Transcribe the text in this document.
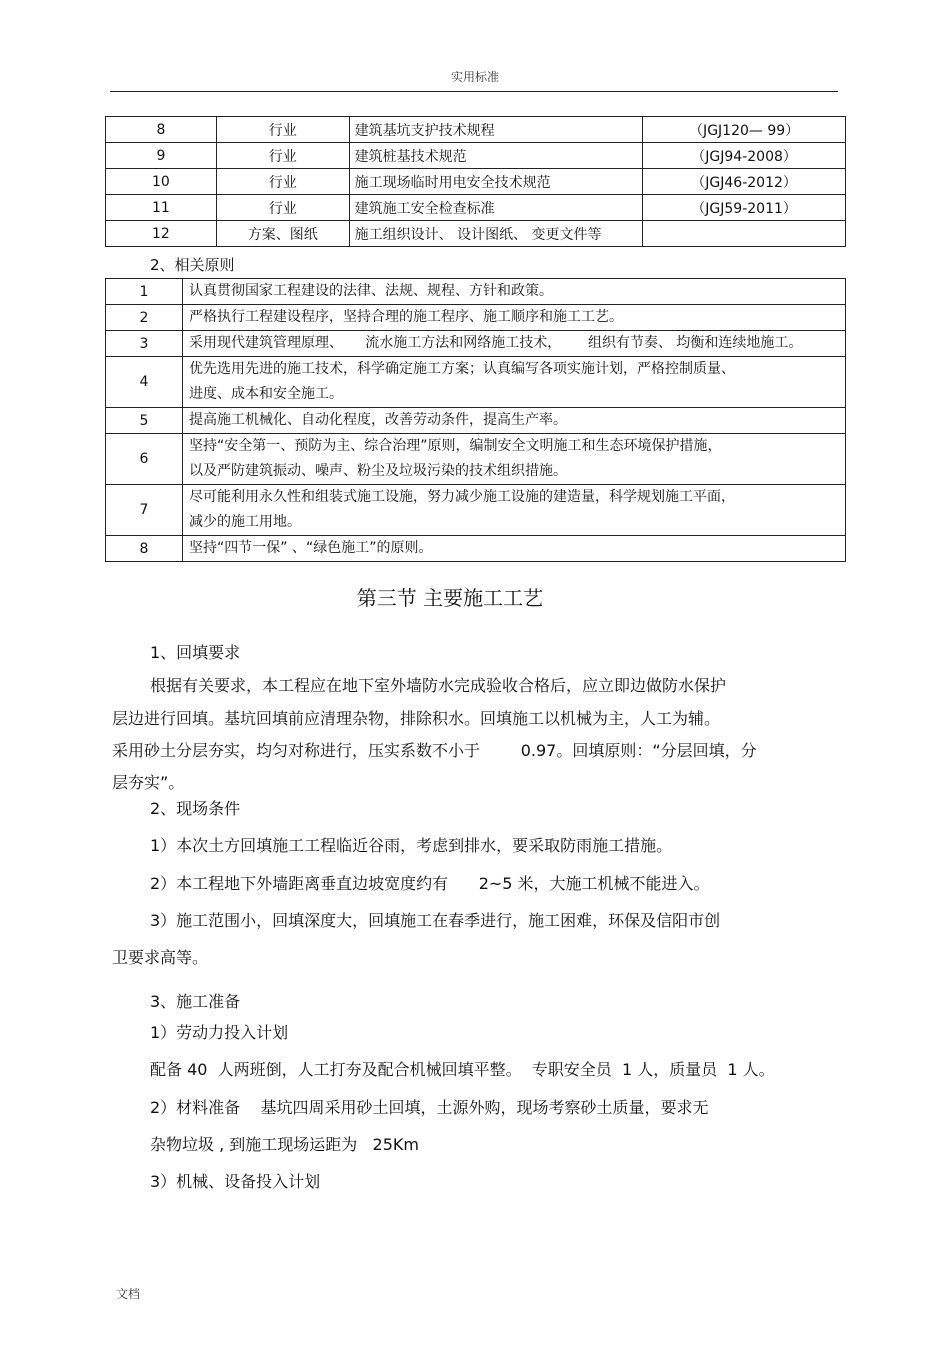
实用标准
8	行业	建筑基坑支护技术规程	（JGJ120— 99）
9	行业	建筑桩基技术规范	（JGJ94-2008）
10	行业	施工现场临时用电安全技术规范	（JGJ46-2012）
11	行业	建筑施工安全检查标准	（JGJ59-2011）
12	方案、图纸	施工组织设计、 设计图纸、 变更文件等	
2、相关原则
1	认真贯彻国家工程建设的法律、法规、规程、方针和政策。

2	严格执行工程建设程序，坚持合理的施工程序、施工顺序和施工工艺。

3	采用现代建筑管理原理、     流水施工方法和网络施工技术，      组织有节奏、 均衡和连续地施工。

4	优先选用先进的施工技术，科学确定施工方案；认真编写各项实施计划，严格控制质量、
进度、成本和安全施工。

5	提高施工机械化、自动化程度，改善劳动条件，提高生产率。

6	坚持“安全第一、预防为主、综合治理”原则，编制安全文明施工和生态环境保护措施，
以及严防建筑振动、噪声、粉尘及垃圾污染的技术组织措施。

7	尽可能利用永久性和组装式施工设施，努力减少施工设施的建造量，科学规划施工平面，
减少的施工用地。

8	坚持“四节一保” 、“绿色施工”的原则。
第三节 主要施工工艺
1、回填要求
根据有关要求，本工程应在地下室外墙防水完成验收合格后，应立即边做防水保护
层边进行回填。基坑回填前应清理杂物，排除积水。回填施工以机械为主，人工为辅。
采用砂土分层夯实，均匀对称进行，压实系数不小于        0.97。回填原则：“分层回填，分
层夯实”。
2、现场条件
1）本次土方回填施工工程临近谷雨，考虑到排水，要采取防雨施工措施。
2）本工程地下外墙距离垂直边坡宽度约有      2~5 米，大施工机械不能进入。
3）施工范围小，回填深度大，回填施工在春季进行，施工困难，环保及信阳市创
卫要求高等。
3、施工准备
1）劳动力投入计划
配备 40  人两班倒，人工打夯及配合机械回填平整。  专职安全员  1 人，质量员  1 人。
2）材料准备    基坑四周采用砂土回填，土源外购，现场考察砂土质量，要求无
杂物垃圾 , 到施工现场运距为   25Km
3）机械、设备投入计划
文档
